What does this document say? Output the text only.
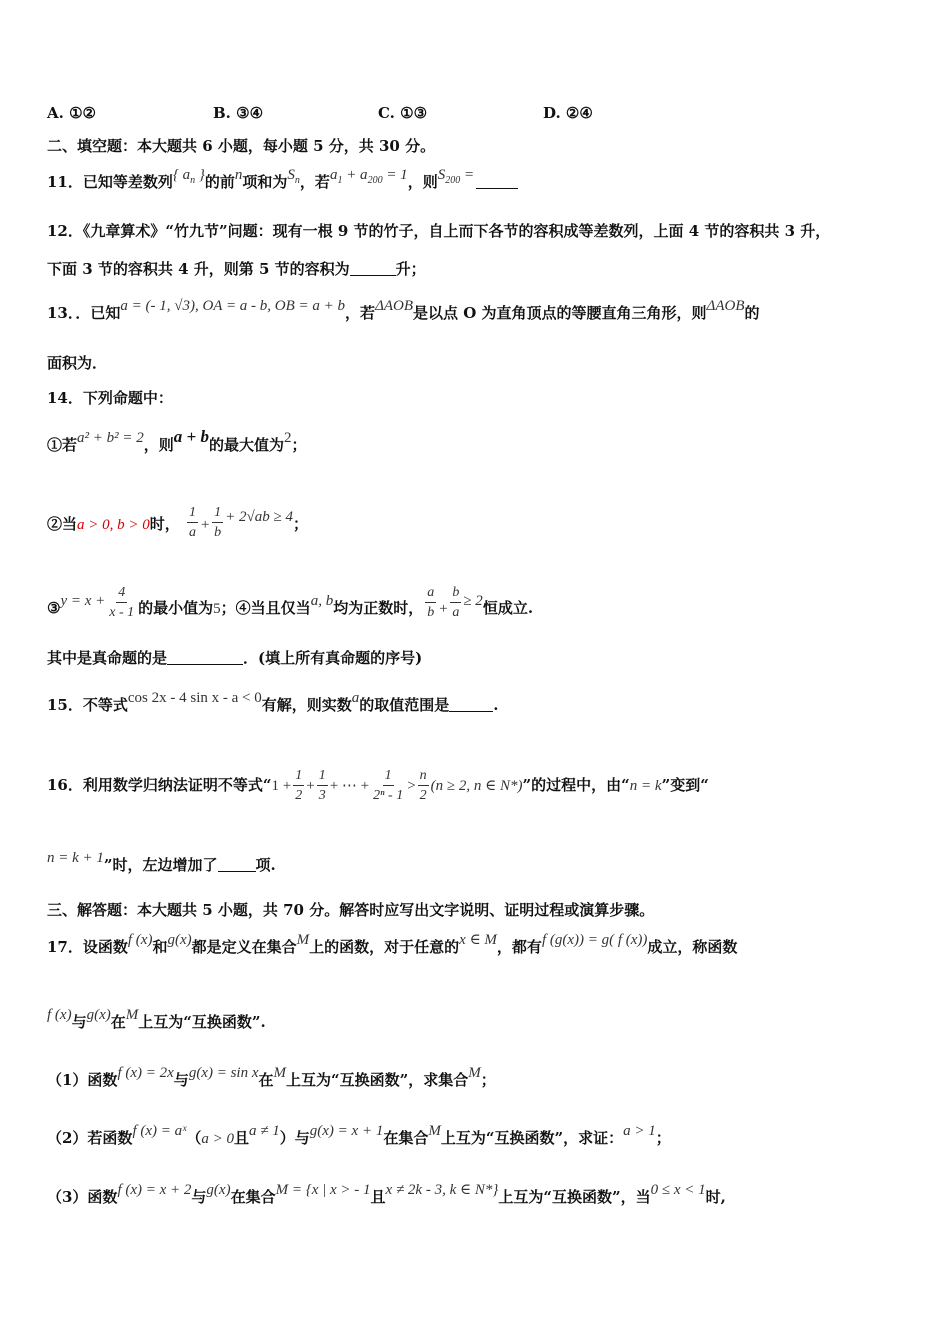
A. ①②	B. ③④	C. ①③	D. ②④
二、填空题：本大题共 6 小题，每小题 5 分，共 30 分。
11．已知等差数列{ $a_n$ }的前n项和为$S_n$，若$a_1 + a_{200} = 1$，则$S_{200}$ =
12．《九章算术》“竹九节”问题：现有一根 9 节的竹子，自上而下各节的容积成等差数列，上面 4 节的容积共 3 升，
下面 3 节的容积共 4 升，则第 5 节的容积为	升；
13．．已知a = (- 1, √3), OA = a - b, OB = a + b，若ΔAOB是以点 O 为直角顶点的等腰直角三角形，则ΔAOB的
面积为．
14．下列命题中：
①若a² + b² = 2，则a + b的最大值为2；
②当a > 0, b > 0时， $\frac{1}{a} + \frac{1}{b} + 2√ab \ge 4$；
③y = $x + \frac{4}{x - 1}$ 的最小值为5；④当且仅当a, b均为正数时， $\frac{a}{b} + \frac{b}{a} \ge 2$恒成立.
其中是真命题的是	．(填上所有真命题的序号)
15．不等式cos 2x - 4 sin x - a < 0有解，则实数a的取值范围是	.
16．利用数学归纳法证明不等式“$1 + \frac{1}{2} + \frac{1}{3}$ + ⋯ + $\frac{1}{\text{2ⁿ - 1}} > \frac{n}{2} (n \ge 2$, n ∈ N*)”的过程中，由“n = k”变到“
n = k + 1”时，左边增加了	项.
三、解答题：本大题共 5 小题，共 70 分。解答时应写出文字说明、证明过程或演算步骤。
17．设函数f (x)和g(x)都是定义在集合M上的函数，对于任意的x ∈ M，都有f (g(x)) = g( f (x))成立，称函数
f (x)与g(x)在M上互为“互换函数”.
（1）函数f (x) = 2x与g(x) = sin x在M上互为“互换函数”，求集合M；
（2）若函数f (x) = aˣ（a > 0且a ≠ 1）与g(x) = x + 1在集合M上互为“互换函数”，求证：a > 1；
（3）函数f (x) = x + 2与g(x)在集合M = {x | x > - 1且x ≠ 2k - 3, k ∈ N*}上互为“互换函数”，当0 ≤ x < 1时,
